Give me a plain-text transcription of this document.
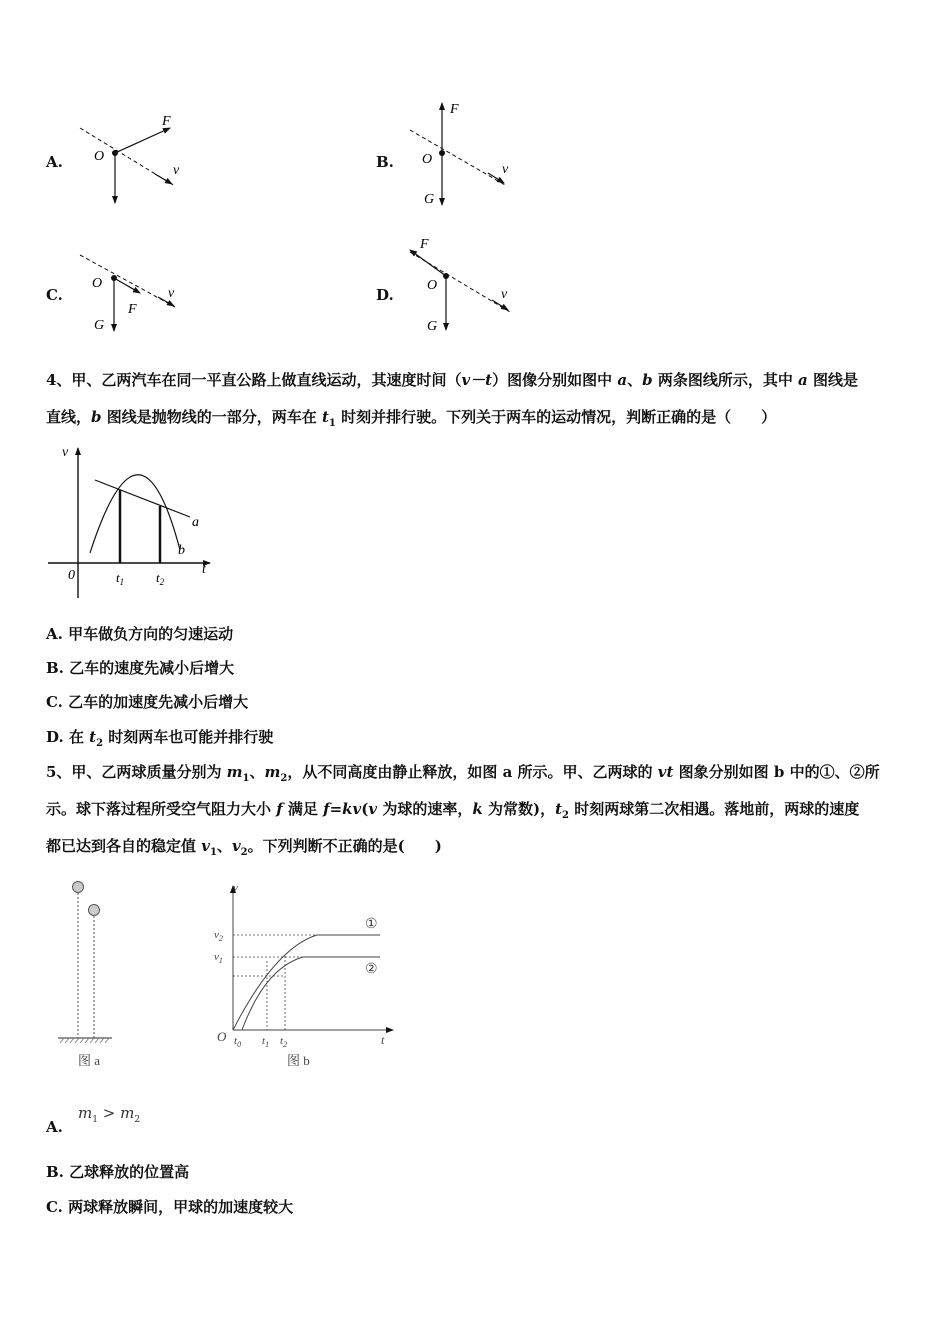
A. O
F
v	B. O
F
G
v
C.
O
F
G
v	D.
O
F
G
v
4、甲、乙两汽车在同一平直公路上做直线运动，其速度时间（v－t）图像分别如图中 a、b 两条图线所示，其中 a 图线是
直线，b 图线是抛物线的一部分，两车在 $t_1$ 时刻并排行驶。下列关于两车的运动情况，判断正确的是（　　）
v
0	t
$t_1$ $t_2$
a
b
A. 甲车做负方向的匀速运动
B. 乙车的速度先减小后增大
C. 乙车的加速度先减小后增大
D. 在 $t_2$ 时刻两车也可能并排行驶
5、甲、乙两球质量分别为 $m_1$、$m_2$，从不同高度由静止释放，如图 a 所示。甲、乙两球的 vt 图象分别如图 b 中的①、②所
示。球下落过程所受空气阻力大小 f 满足 f=kv(v 为球的速率，k 为常数)，$t_2$ 时刻两球第二次相遇。落地前，两球的速度
都已达到各自的稳定值 $v_1$、$v_2$。下列判断不正确的是(　　)
图 a
v
t
O $t_0$ $t_1$ $t_2$
$v_2$
$v_1$
①
②
图 b
A.
$m_1 > m_2$
B. 乙球释放的位置高
C. 两球释放瞬间，甲球的加速度较大
